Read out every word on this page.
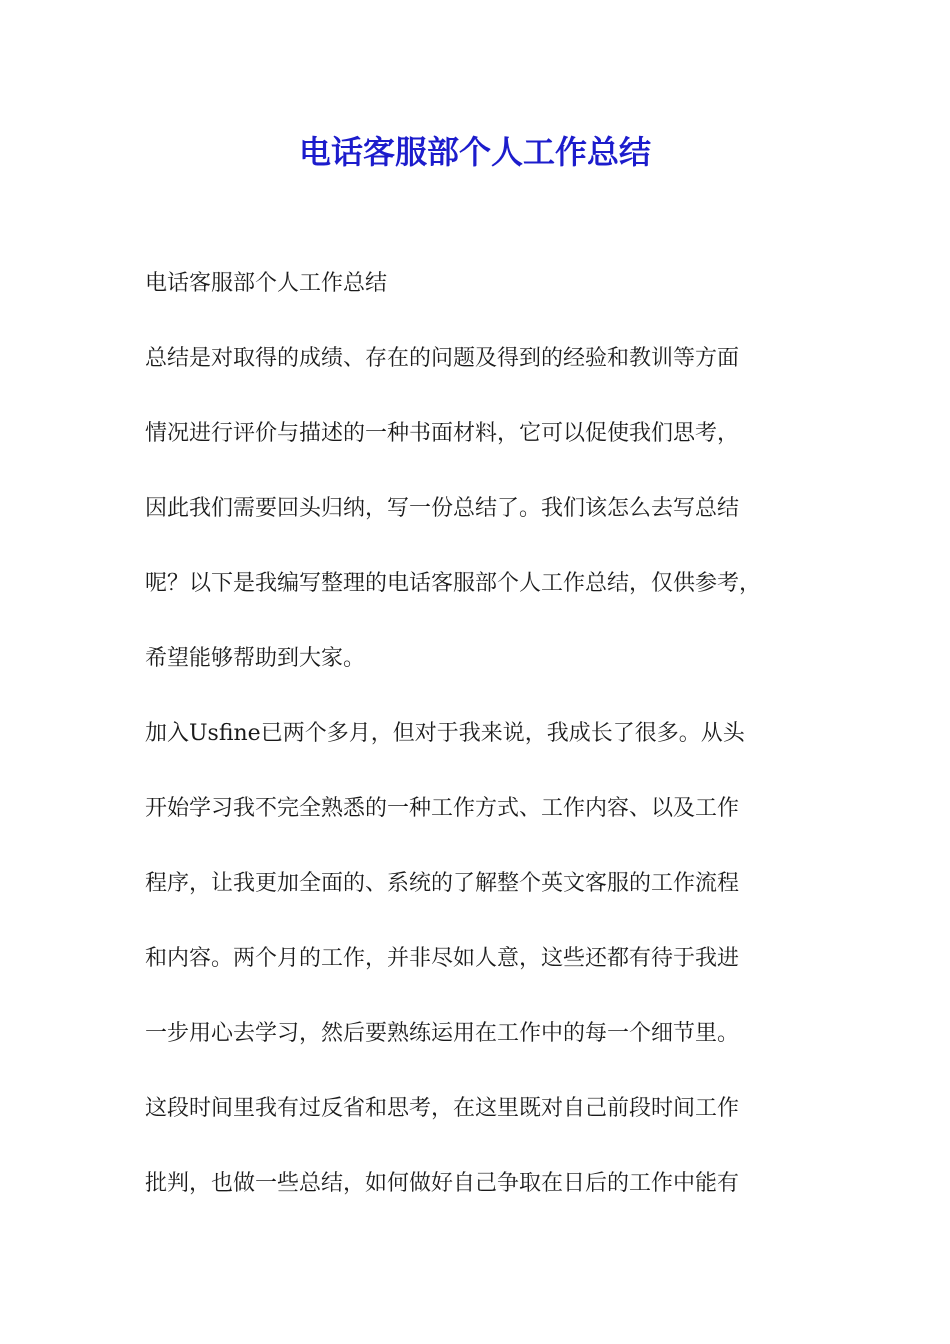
电话客服部个人工作总结
电话客服部个人工作总结
总结是对取得的成绩、存在的问题及得到的经验和教训等方面
情况进行评价与描述的一种书面材料，它可以促使我们思考，
因此我们需要回头归纳，写一份总结了。我们该怎么去写总结
呢？以下是我编写整理的电话客服部个人工作总结，仅供参考，
希望能够帮助到大家。
加入Usfine已两个多月，但对于我来说，我成长了很多。从头
开始学习我不完全熟悉的一种工作方式、工作内容、以及工作
程序，让我更加全面的、系统的了解整个英文客服的工作流程
和内容。两个月的工作，并非尽如人意，这些还都有待于我进
一步用心去学习，然后要熟练运用在工作中的每一个细节里。
这段时间里我有过反省和思考，在这里既对自己前段时间工作
批判，也做一些总结，如何做好自己争取在日后的工作中能有
